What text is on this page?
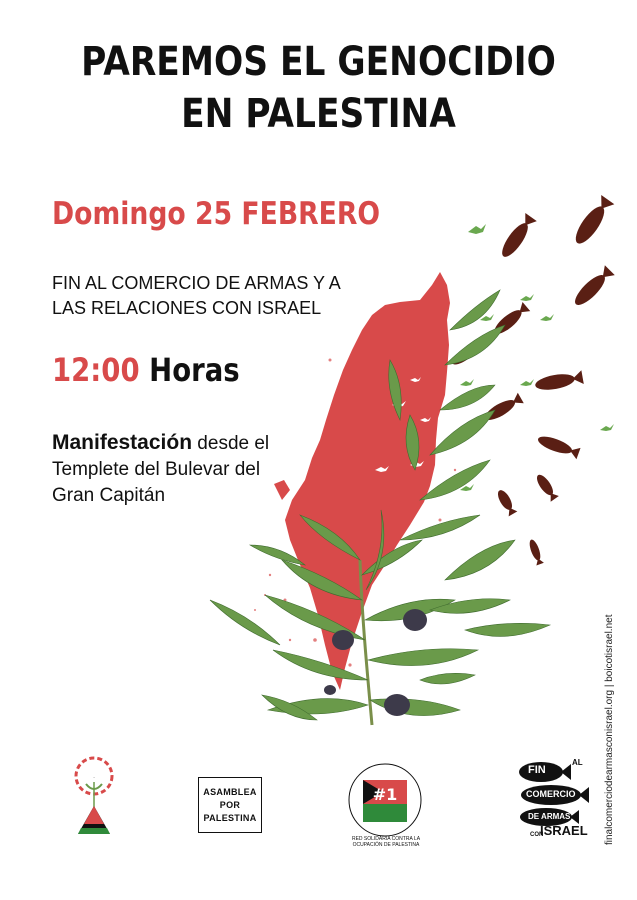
PAREMOS EL GENOCIDIO
EN PALESTINA
Domingo 25 FEBRERO
FIN AL COMERCIO DE ARMAS Y A
LAS RELACIONES CON ISRAEL
12:00 Horas
Manifestación desde el
Templete del Bulevar del
Gran Capitán
·
#1	finalcomerciodearmasconisrael.org | boicotisrael.net
ASAMBLEA
POR
PALESTINA
RED SOLIDARIA CONTRA LA OCUPACIÓN DE PALESTINA
FIN
AL
COMERCIO
DE ARMAS
CON
ISRAEL
